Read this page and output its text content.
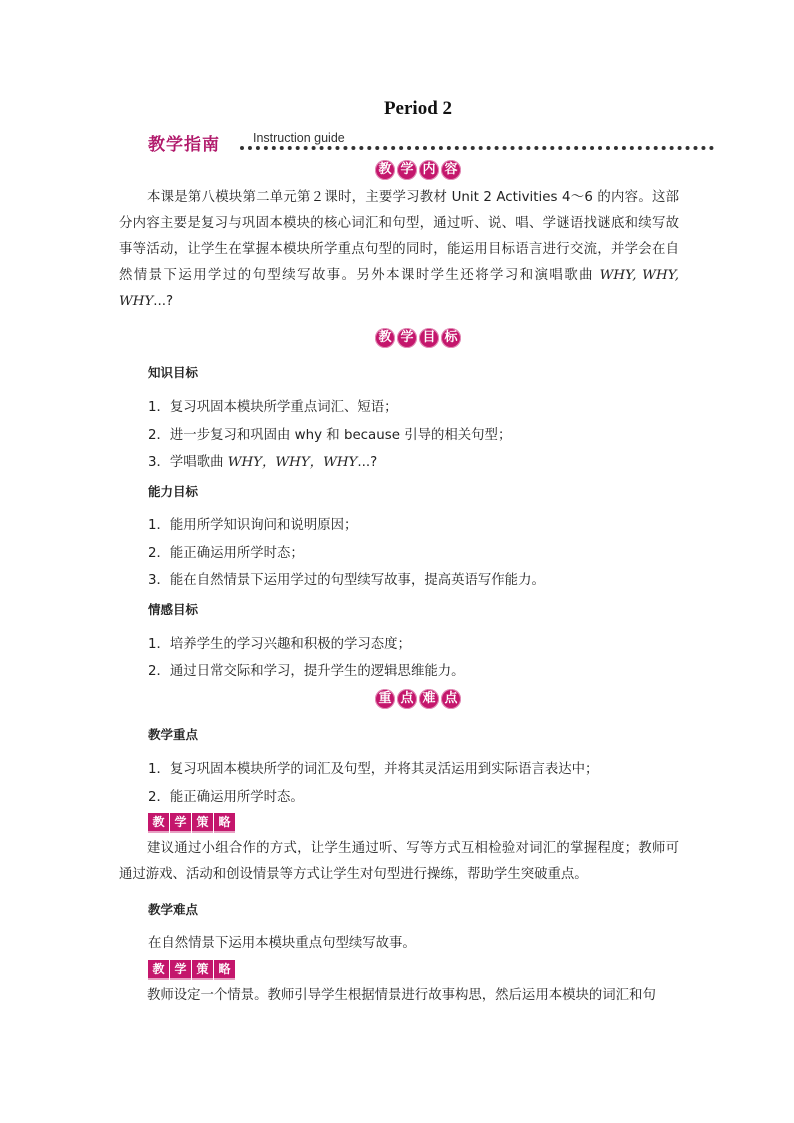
Period 2
教学指南	Instruction guide
教 学 内 容
本课是第八模块第二单元第２课时，主要学习教材 Unit 2 Activities 4～6 的内容。这部分内容主要是复习与巩固本模块的核心词汇和句型，通过听、说、唱、学谜语找谜底和续写故事等活动，让学生在掌握本模块所学重点句型的同时，能运用目标语言进行交流，并学会在自然情景下运用学过的句型续写故事。另外本课时学生还将学习和演唱歌曲 WHY, WHY, WHY...?
教 学 目 标
知识目标
1．复习巩固本模块所学重点词汇、短语；
2．进一步复习和巩固由 why 和 because 引导的相关句型；
3．学唱歌曲 WHY，WHY，WHY...?
能力目标
1．能用所学知识询问和说明原因；
2．能正确运用所学时态；
3．能在自然情景下运用学过的句型续写故事，提高英语写作能力。
情感目标
1．培养学生的学习兴趣和积极的学习态度；
2．通过日常交际和学习，提升学生的逻辑思维能力。
重 点 难 点
教学重点
1．复习巩固本模块所学的词汇及句型，并将其灵活运用到实际语言表达中；
2．能正确运用所学时态。
教 学 策 略
建议通过小组合作的方式，让学生通过听、写等方式互相检验对词汇的掌握程度；教师可通过游戏、活动和创设情景等方式让学生对句型进行操练，帮助学生突破重点。
教学难点
在自然情景下运用本模块重点句型续写故事。
教 学 策 略
教师设定一个情景。教师引导学生根据情景进行故事构思，然后运用本模块的词汇和句
